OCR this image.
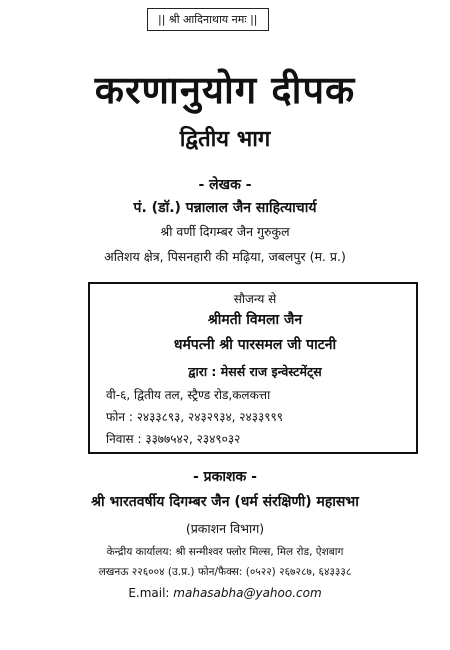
|| श्री आदिनाथाय नमः ||
करणानुयोग दीपक
द्वितीय भाग
- लेखक -
पं. (डॉ.) पन्नालाल जैन साहित्याचार्य
श्री वर्णी दिगम्बर जैन गुरुकुल
अतिशय क्षेत्र, पिसनहारी की मढ़िया, जबलपुर (म. प्र.)
सौजन्य से
श्रीमती विमला जैन
धर्मपत्नी श्री पारसमल जी पाटनी
द्वारा : मेसर्स राज इन्वेस्टमेंट्स
वी-६, द्वितीय तल, स्ट्रैण्ड रोड,कलकत्ता
फोन : २४३३८९३, २४३२९३४, २४३३९९९
निवास : ३३७७५४२, २३४९०३२
- प्रकाशक -
श्री भारतवर्षीय दिगम्बर जैन (धर्म संरक्षिणी) महासभा
(प्रकाशन विभाग)
केन्द्रीय कार्यालय: श्री सन्मीश्वर फ्लोर मिल्स, मिल रोड, ऐशबाग
लखनऊ २२६००४ (उ.प्र.) फोन/फैक्स: (०५२२) २६७२८७, ६४३३३८
E.mail: mahasabha@yahoo.com
